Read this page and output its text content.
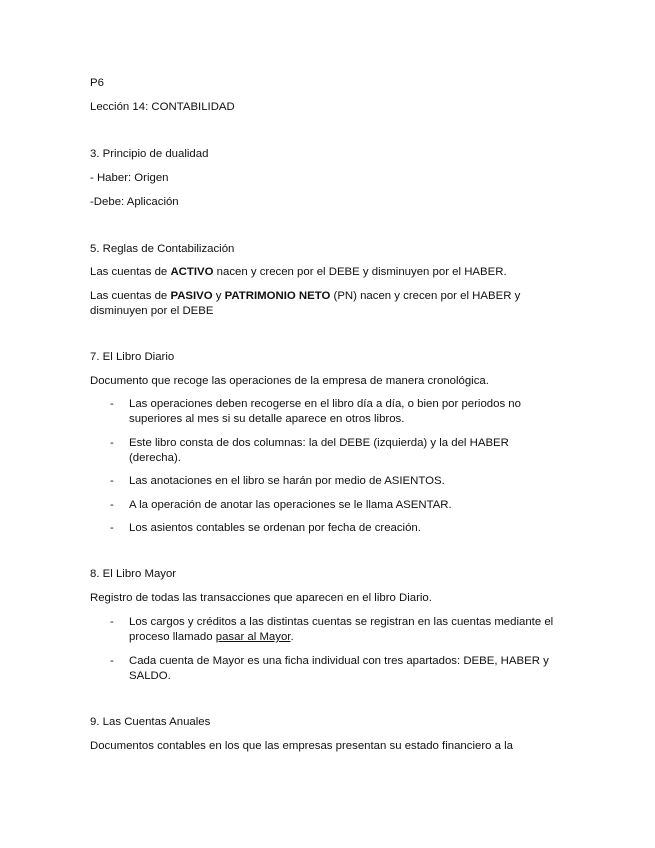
P6

Lección 14: CONTABILIDAD

3. Principio de dualidad

- Haber: Origen

-Debe: Aplicación

5. Reglas de Contabilización

Las cuentas de ACTIVO nacen y crecen por el DEBE y disminuyen por el HABER.

Las cuentas de PASIVO y PATRIMONIO NETO (PN) nacen y crecen por el HABER y disminuyen por el DEBE

7. El Libro Diario

Documento que recoge las operaciones de la empresa de manera cronológica.

- Las operaciones deben recogerse en el libro día a día, o bien por periodos no superiores al mes si su detalle aparece en otros libros.
- Este libro consta de dos columnas: la del DEBE (izquierda) y la del HABER (derecha).
- Las anotaciones en el libro se harán por medio de ASIENTOS.
- A la operación de anotar las operaciones se le llama ASENTAR.
- Los asientos contables se ordenan por fecha de creación.

8. El Libro Mayor

Registro de todas las transacciones que aparecen en el libro Diario.

- Los cargos y créditos a las distintas cuentas se registran en las cuentas mediante el proceso llamado pasar al Mayor.
- Cada cuenta de Mayor es una ficha individual con tres apartados: DEBE, HABER y SALDO.

9. Las Cuentas Anuales

Documentos contables en los que las empresas presentan su estado financiero a la
